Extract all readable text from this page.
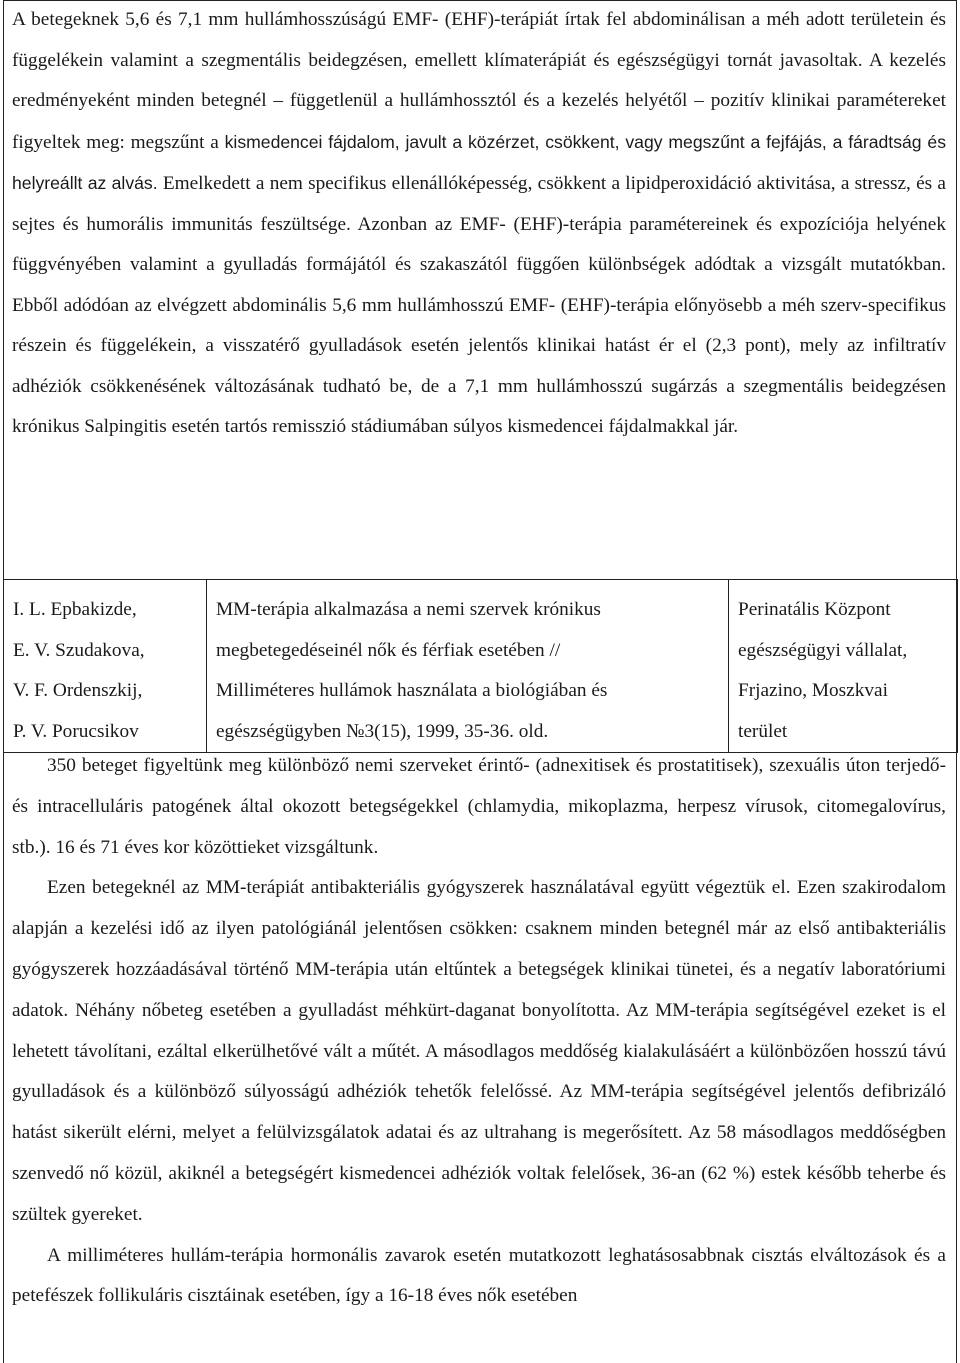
A betegeknek 5,6 és 7,1 mm hullámhosszúságú EMF- (EHF)-terápiát írtak fel abdominálisan a méh adott területein és függelékein valamint a szegmentális beidegzésen, emellett klímaterápiát és egészségügyi tornát javasoltak. A kezelés eredményeként minden betegnél – függetlenül a hullámhossztól és a kezelés helyétől – pozitív klinikai paramétereket figyeltek meg: megszűnt a kismedencei fájdalom, javult a közérzet, csökkent, vagy megszűnt a fejfájás, a fáradtság és helyreállt az alvás. Emelkedett a nem specifikus ellenállóképesség, csökkent a lipidperoxidáció aktivitása, a stressz, és a sejtes és humorális immunitás feszültsége. Azonban az EMF- (EHF)-terápia paramétereinek és expozíciója helyének függvényében valamint a gyulladás formájától és szakaszától függően különbségek adódtak a vizsgált mutatókban. Ebből adódóan az elvégzett abdominális 5,6 mm hullámhosszú EMF- (EHF)-terápia előnyösebb a méh szerv-specifikus részein és függelékein, a visszatérő gyulladások esetén jelentős klinikai hatást ér el (2,3 pont), mely az infiltratív adhéziók csökkenésének változásának tudható be, de a 7,1 mm hullámhosszú sugárzás a szegmentális beidegzésen krónikus Salpingitis esetén tartós remisszió stádiumában súlyos kismedencei fájdalmakkal jár.

I. L. Epbakizde,
E. V. Szudakova,
V. F. Ordenszkij,
P. V. Porucsikov

MM-terápia alkalmazása a nemi szervek krónikus
megbetegedéseinél nők és férfiak esetében //
Milliméteres hullámok használata a biológiában és
egészségügyben №3(15), 1999, 35-36. old.

Perinatális Központ
egészségügyi vállalat,
Frjazino, Moszkvai
terület

350 beteget figyeltünk meg különböző nemi szerveket érintő- (adnexitisek és prostatitisek), szexuális úton terjedő- és intracelluláris patogének által okozott betegségekkel (chlamydia, mikoplazma, herpesz vírusok, citomegalovírus, stb.). 16 és 71 éves kor közöttieket vizsgáltunk.

Ezen betegeknél az MM-terápiát antibakteriális gyógyszerek használatával együtt végeztük el. Ezen szakirodalom alapján a kezelési idő az ilyen patológiánál jelentősen csökken: csaknem minden betegnél már az első antibakteriális gyógyszerek hozzáadásával történő MM-terápia után eltűntek a betegségek klinikai tünetei, és a negatív laboratóriumi adatok. Néhány nőbeteg esetében a gyulladást méhkürt-daganat bonyolította. Az MM-terápia segítségével ezeket is el lehetett távolítani, ezáltal elkerülhetővé vált a műtét. A másodlagos meddőség kialakulásáért a különbözően hosszú távú gyulladások és a különböző súlyosságú adhéziók tehetők felelőssé. Az MM-terápia segítségével jelentős defibrizáló hatást sikerült elérni, melyet a felülvizsgálatok adatai és az ultrahang is megerősített. Az 58 másodlagos meddőségben szenvedő nő közül, akiknél a betegségért kismedencei adhéziók voltak felelősek, 36-an (62 %) estek később teherbe és szültek gyereket.

A milliméteres hullám-terápia hormonális zavarok esetén mutatkozott leghatásosabbnak cisztás elváltozások és a petefészek follikuláris cisztáinak esetében, így a 16-18 éves nők esetében
